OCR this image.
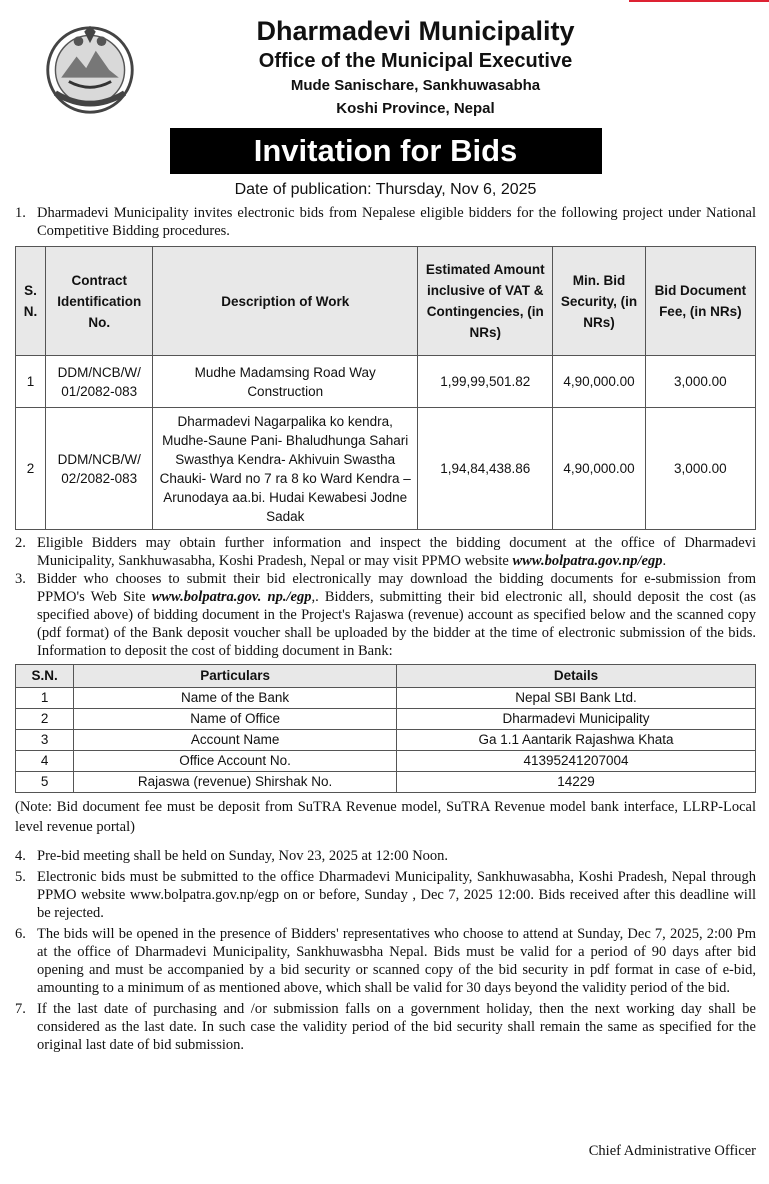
Dharmadevi Municipality
Office of the Municipal Executive
Mude Sanischare, Sankhuwasabha
Koshi Province, Nepal
Invitation for Bids
Date of publication: Thursday, Nov 6, 2025
1. Dharmadevi Municipality invites electronic bids from Nepalese eligible bidders for the following project under National Competitive Bidding procedures.
S. N.	Contract Identification No.	Description of Work	Estimated Amount inclusive of VAT & Contingencies, (in NRs)	Min. Bid Security, (in NRs)	Bid Document Fee, (in NRs)
1	DDM/NCB/W/ 01/2082-083	Mudhe Madamsing Road Way Construction	1,99,99,501.82	4,90,000.00	3,000.00
2	DDM/NCB/W/ 02/2082-083	Dharmadevi Nagarpalika ko kendra, Mudhe-Saune Pani- Bhaludhunga Sahari Swasthya Kendra- Akhivuin Swastha Chauki- Ward no 7 ra 8 ko Ward Kendra – Arunodaya aa.bi. Hudai Kewabesi Jodne Sadak	1,94,84,438.86	4,90,000.00	3,000.00
2. Eligible Bidders may obtain further information and inspect the bidding document at the office of Dharmadevi Municipality, Sankhuwasabha, Koshi Pradesh, Nepal or may visit PPMO website www.bolpatra.gov.np/egp.
3. Bidder who chooses to submit their bid electronically may download the bidding documents for e-submission from PPMO's Web Site www.bolpatra.gov. np./egp,. Bidders, submitting their bid electronic all, should deposit the cost (as specified above) of bidding document in the Project's Rajaswa (revenue) account as specified below and the scanned copy (pdf format) of the Bank deposit voucher shall be uploaded by the bidder at the time of electronic submission of the bids. Information to deposit the cost of bidding document in Bank:
S.N.	Particulars	Details
1	Name of the Bank	Nepal SBI Bank Ltd.
2	Name of Office	Dharmadevi Municipality
3	Account Name	Ga 1.1 Aantarik Rajashwa Khata
4	Office Account No.	41395241207004
5	Rajaswa (revenue) Shirshak No.	14229
(Note: Bid document fee must be deposit from SuTRA Revenue model, SuTRA Revenue model bank interface, LLRP-Local level revenue portal)
4. Pre-bid meeting shall be held on Sunday, Nov 23, 2025 at 12:00 Noon.
5. Electronic bids must be submitted to the office Dharmadevi Municipality, Sankhuwasabha, Koshi Pradesh, Nepal through PPMO website www.bolpatra.gov.np/egp on or before, Sunday , Dec 7, 2025 12:00. Bids received after this deadline will be rejected.
6. The bids will be opened in the presence of Bidders' representatives who choose to attend at Sunday, Dec 7, 2025, 2:00 Pm at the office of Dharmadevi Municipality, Sankhuwasbha Nepal. Bids must be valid for a period of 90 days after bid opening and must be accompanied by a bid security or scanned copy of the bid security in pdf format in case of e-bid, amounting to a minimum of as mentioned above, which shall be valid for 30 days beyond the validity period of the bid.
7. If the last date of purchasing and /or submission falls on a government holiday, then the next working day shall be considered as the last date. In such case the validity period of the bid security shall remain the same as specified for the original last date of bid submission.
Chief Administrative Officer
